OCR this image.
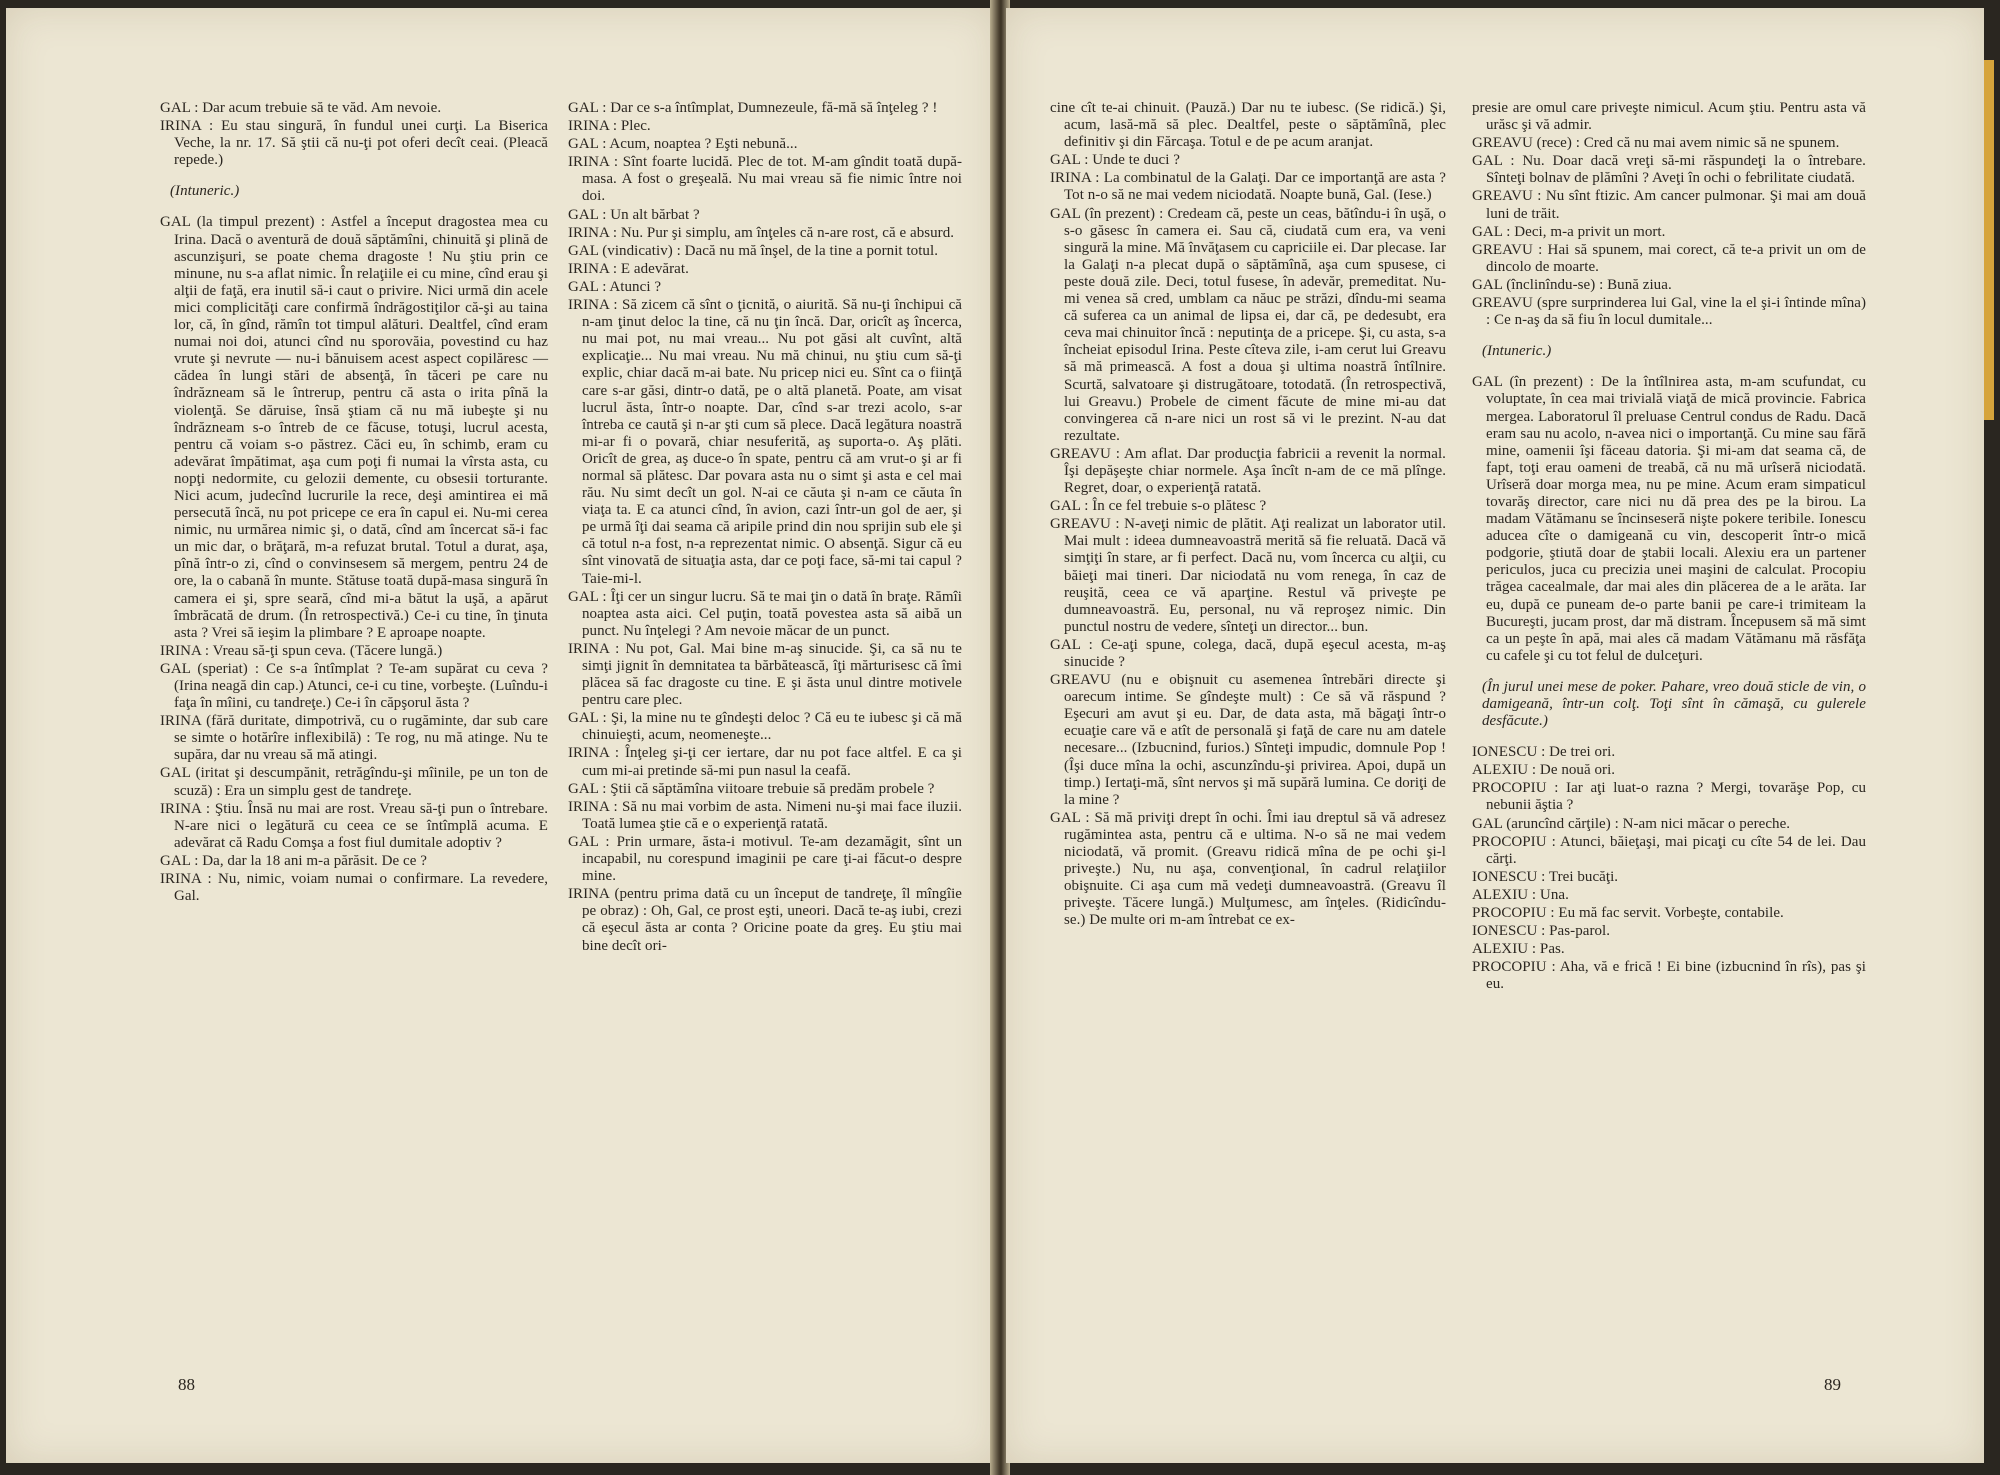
GAL : Dar acum trebuie să te văd. Am nevoie.

IRINA : Eu stau singură, în fundul unei curţi. La Biserica Veche, la nr. 17. Să ştii că nu-ţi pot oferi decît ceai. (Pleacă repede.)

(Intuneric.)

GAL (la timpul prezent) : Astfel a început dragostea mea cu Irina. Dacă o aventură de două săptămîni, chinuită şi plină de ascunzişuri, se poate chema dragoste ! Nu ştiu prin ce minune, nu s-a aflat nimic. În relaţiile ei cu mine, cînd erau şi alţii de faţă, era inutil să-i caut o privire. Nici urmă din acele mici complicităţi care confirmă îndrăgostiţilor că-şi au taina lor, că, în gînd, rămîn tot timpul alături. Dealtfel, cînd eram numai noi doi, atunci cînd nu sporovăia, povestind cu haz vrute şi nevrute — nu-i bănuisem acest aspect copilăresc — cădea în lungi stări de absenţă, în tăceri pe care nu îndrăzneam să le întrerup, pentru că asta o irita pînă la violenţă. Se dăruise, însă ştiam că nu mă iubeşte şi nu îndrăzneam s-o întreb de ce făcuse, totuşi, lucrul acesta, pentru că voiam s-o păstrez. Căci eu, în schimb, eram cu adevărat împătimat, aşa cum poţi fi numai la vîrsta asta, cu nopţi nedormite, cu gelozii demente, cu obsesii torturante. Nici acum, judecînd lucrurile la rece, deşi amintirea ei mă persecută încă, nu pot pricepe ce era în capul ei. Nu-mi cerea nimic, nu urmărea nimic şi, o dată, cînd am încercat să-i fac un mic dar, o brăţară, m-a refuzat brutal. Totul a durat, aşa, pînă într-o zi, cînd o convinsesem să mergem, pentru 24 de ore, la o cabană în munte. Stătuse toată după-masa singură în camera ei şi, spre seară, cînd mi-a bătut la uşă, a apărut îmbrăcată de drum. (În retrospectivă.) Ce-i cu tine, în ţinuta asta ? Vrei să ieşim la plimbare ? E aproape noapte.

IRINA : Vreau să-ţi spun ceva. (Tăcere lungă.)

GAL (speriat) : Ce s-a întîmplat ? Te-am supărat cu ceva ? (Irina neagă din cap.) Atunci, ce-i cu tine, vorbeşte. (Luîndu-i faţa în mîini, cu tandreţe.) Ce-i în căpşorul ăsta ?

IRINA (fără duritate, dimpotrivă, cu o rugăminte, dar sub care se simte o hotărîre inflexibilă) : Te rog, nu mă atinge. Nu te supăra, dar nu vreau să mă atingi.

GAL (iritat şi descumpănit, retrăgîndu-şi mîinile, pe un ton de scuză) : Era un simplu gest de tandreţe.

IRINA : Ştiu. Însă nu mai are rost. Vreau să-ţi pun o întrebare. N-are nici o legătură cu ceea ce se întîmplă acuma. E adevărat că Radu Comşa a fost fiul dumitale adoptiv ?

GAL : Da, dar la 18 ani m-a părăsit. De ce ?

IRINA : Nu, nimic, voiam numai o confirmare. La revedere, Gal.

GAL : Dar ce s-a întîmplat, Dumnezeule, fă-mă să înţeleg ? !

IRINA : Plec.

GAL : Acum, noaptea ? Eşti nebună...

IRINA : Sînt foarte lucidă. Plec de tot. M-am gîndit toată după-masa. A fost o greşeală. Nu mai vreau să fie nimic între noi doi.

GAL : Un alt bărbat ?

IRINA : Nu. Pur şi simplu, am înţeles că n-are rost, că e absurd.

GAL (vindicativ) : Dacă nu mă înşel, de la tine a pornit totul.

IRINA : E adevărat.

GAL : Atunci ?

IRINA : Să zicem că sînt o ţicnită, o aiurită. Să nu-ţi închipui că n-am ţinut deloc la tine, că nu ţin încă. Dar, oricît aş încerca, nu mai pot, nu mai vreau... Nu pot găsi alt cuvînt, altă explicaţie... Nu mai vreau. Nu mă chinui, nu ştiu cum să-ţi explic, chiar dacă m-ai bate. Nu pricep nici eu. Sînt ca o fiinţă care s-ar găsi, dintr-o dată, pe o altă planetă. Poate, am visat lucrul ăsta, într-o noapte. Dar, cînd s-ar trezi acolo, s-ar întreba ce caută şi n-ar şti cum să plece. Dacă legătura noastră mi-ar fi o povară, chiar nesuferită, aş suporta-o. Aş plăti. Oricît de grea, aş duce-o în spate, pentru că am vrut-o şi ar fi normal să plătesc. Dar povara asta nu o simt şi asta e cel mai rău. Nu simt decît un gol. N-ai ce căuta şi n-am ce căuta în viaţa ta. E ca atunci cînd, în avion, cazi într-un gol de aer, şi pe urmă îţi dai seama că aripile prind din nou sprijin sub ele şi că totul n-a fost, n-a reprezentat nimic. O absenţă. Sigur că eu sînt vinovată de situaţia asta, dar ce poţi face, să-mi tai capul ? Taie-mi-l.

GAL : Îţi cer un singur lucru. Să te mai ţin o dată în braţe. Rămîi noaptea asta aici. Cel puţin, toată povestea asta să aibă un punct. Nu înţelegi ? Am nevoie măcar de un punct.

IRINA : Nu pot, Gal. Mai bine m-aş sinucide. Şi, ca să nu te simţi jignit în demnitatea ta bărbătească, îţi mărturisesc că îmi plăcea să fac dragoste cu tine. E şi ăsta unul dintre motivele pentru care plec.

GAL : Şi, la mine nu te gîndeşti deloc ? Că eu te iubesc şi că mă chinuieşti, acum, neomeneşte...

IRINA : Înţeleg şi-ţi cer iertare, dar nu pot face altfel. E ca şi cum mi-ai pretinde să-mi pun nasul la ceafă.

GAL : Ştii că săptămîna viitoare trebuie să predăm probele ?

IRINA : Să nu mai vorbim de asta. Nimeni nu-şi mai face iluzii. Toată lumea ştie că e o experienţă ratată.

GAL : Prin urmare, ăsta-i motivul. Te-am dezamăgit, sînt un incapabil, nu corespund imaginii pe care ţi-ai făcut-o despre mine.

IRINA (pentru prima dată cu un început de tandreţe, îl mîngîie pe obraz) : Oh, Gal, ce prost eşti, uneori. Dacă te-aş iubi, crezi că eşecul ăsta ar conta ? Oricine poate da greş. Eu ştiu mai bine decît ori-

88

cine cît te-ai chinuit. (Pauză.) Dar nu te iubesc. (Se ridică.) Şi, acum, lasă-mă să plec. Dealtfel, peste o săptămînă, plec definitiv şi din Fărcaşa. Totul e de pe acum aranjat.

GAL : Unde te duci ?

IRINA : La combinatul de la Galaţi. Dar ce importanţă are asta ? Tot n-o să ne mai vedem niciodată. Noapte bună, Gal. (Iese.)

GAL (în prezent) : Credeam că, peste un ceas, bătîndu-i în uşă, o s-o găsesc în camera ei. Sau că, ciudată cum era, va veni singură la mine. Mă învăţasem cu capriciile ei. Dar plecase. Iar la Galaţi n-a plecat după o săptămînă, aşa cum spusese, ci peste două zile. Deci, totul fusese, în adevăr, premeditat. Nu-mi venea să cred, umblam ca năuc pe străzi, dîndu-mi seama că suferea ca un animal de lipsa ei, dar că, pe dedesubt, era ceva mai chinuitor încă : neputinţa de a pricepe. Şi, cu asta, s-a încheiat episodul Irina. Peste cîteva zile, i-am cerut lui Greavu să mă primească. A fost a doua şi ultima noastră întîlnire. Scurtă, salvatoare şi distrugătoare, totodată. (În retrospectivă, lui Greavu.) Probele de ciment făcute de mine mi-au dat convingerea că n-are nici un rost să vi le prezint. N-au dat rezultate.

GREAVU : Am aflat. Dar producţia fabricii a revenit la normal. Îşi depăşeşte chiar normele. Aşa încît n-am de ce mă plînge. Regret, doar, o experienţă ratată.

GAL : În ce fel trebuie s-o plătesc ?

GREAVU : N-aveţi nimic de plătit. Aţi realizat un laborator util. Mai mult : ideea dumneavoastră merită să fie reluată. Dacă vă simţiţi în stare, ar fi perfect. Dacă nu, vom încerca cu alţii, cu băieţi mai tineri. Dar niciodată nu vom renega, în caz de reuşită, ceea ce vă aparţine. Restul vă priveşte pe dumneavoastră. Eu, personal, nu vă reproşez nimic. Din punctul nostru de vedere, sînteţi un director... bun.

GAL : Ce-aţi spune, colega, dacă, după eşecul acesta, m-aş sinucide ?

GREAVU (nu e obişnuit cu asemenea întrebări directe şi oarecum intime. Se gîndeşte mult) : Ce să vă răspund ? Eşecuri am avut şi eu. Dar, de data asta, mă băgaţi într-o ecuaţie care vă e atît de personală şi faţă de care nu am datele necesare... (Izbucnind, furios.) Sînteţi impudic, domnule Pop ! (Îşi duce mîna la ochi, ascunzîndu-şi privirea. Apoi, după un timp.) Iertaţi-mă, sînt nervos şi mă supără lumina. Ce doriţi de la mine ?

GAL : Să mă priviţi drept în ochi. Îmi iau dreptul să vă adresez rugămintea asta, pentru că e ultima. N-o să ne mai vedem niciodată, vă promit. (Greavu ridică mîna de pe ochi şi-l priveşte.) Nu, nu aşa, convenţional, în cadrul relaţiilor obişnuite. Ci aşa cum mă vedeţi dumneavoastră. (Greavu îl priveşte. Tăcere lungă.) Mulţumesc, am înţeles. (Ridicîndu-se.) De multe ori m-am întrebat ce ex-

presie are omul care priveşte nimicul. Acum ştiu. Pentru asta vă urăsc şi vă admir.

GREAVU (rece) : Cred că nu mai avem nimic să ne spunem.

GAL : Nu. Doar dacă vreţi să-mi răspundeţi la o întrebare. Sînteţi bolnav de plămîni ? Aveţi în ochi o febrilitate ciudată.

GREAVU : Nu sînt ftizic. Am cancer pulmonar. Şi mai am două luni de trăit.

GAL : Deci, m-a privit un mort.

GREAVU : Hai să spunem, mai corect, că te-a privit un om de dincolo de moarte.

GAL (înclinîndu-se) : Bună ziua.

GREAVU (spre surprinderea lui Gal, vine la el şi-i întinde mîna) : Ce n-aş da să fiu în locul dumitale...

(Intuneric.)

GAL (în prezent) : De la întîlnirea asta, m-am scufundat, cu voluptate, în cea mai trivială viaţă de mică provincie. Fabrica mergea. Laboratorul îl preluase Centrul condus de Radu. Dacă eram sau nu acolo, n-avea nici o importanţă. Cu mine sau fără mine, oamenii îşi făceau datoria. Şi mi-am dat seama că, de fapt, toţi erau oameni de treabă, că nu mă urîseră niciodată. Urîseră doar morga mea, nu pe mine. Acum eram simpaticul tovarăş director, care nici nu dă prea des pe la birou. La madam Vătămanu se încinseseră nişte pokere teribile. Ionescu aducea cîte o damigeană cu vin, descoperit într-o mică podgorie, ştiută doar de ştabii locali. Alexiu era un partener periculos, juca cu precizia unei maşini de calculat. Procopiu trăgea cacealmale, dar mai ales din plăcerea de a le arăta. Iar eu, după ce puneam de-o parte banii pe care-i trimiteam la Bucureşti, jucam prost, dar mă distram. Începusem să mă simt ca un peşte în apă, mai ales că madam Vătămanu mă răsfăţa cu cafele şi cu tot felul de dulceţuri.

(În jurul unei mese de poker. Pahare, vreo două sticle de vin, o damigeană, într-un colţ. Toţi sînt în cămaşă, cu gulerele desfăcute.)

IONESCU : De trei ori.

ALEXIU : De nouă ori.

PROCOPIU : Iar aţi luat-o razna ? Mergi, tovarăşe Pop, cu nebunii ăştia ?

GAL (aruncînd cărţile) : N-am nici măcar o pereche.

PROCOPIU : Atunci, băieţaşi, mai picaţi cu cîte 54 de lei. Dau cărţi.

IONESCU : Trei bucăţi.

ALEXIU : Una.

PROCOPIU : Eu mă fac servit. Vorbeşte, contabile.

IONESCU : Pas-parol.

ALEXIU : Pas.

PROCOPIU : Aha, vă e frică ! Ei bine (izbucnind în rîs), pas şi eu.

89
